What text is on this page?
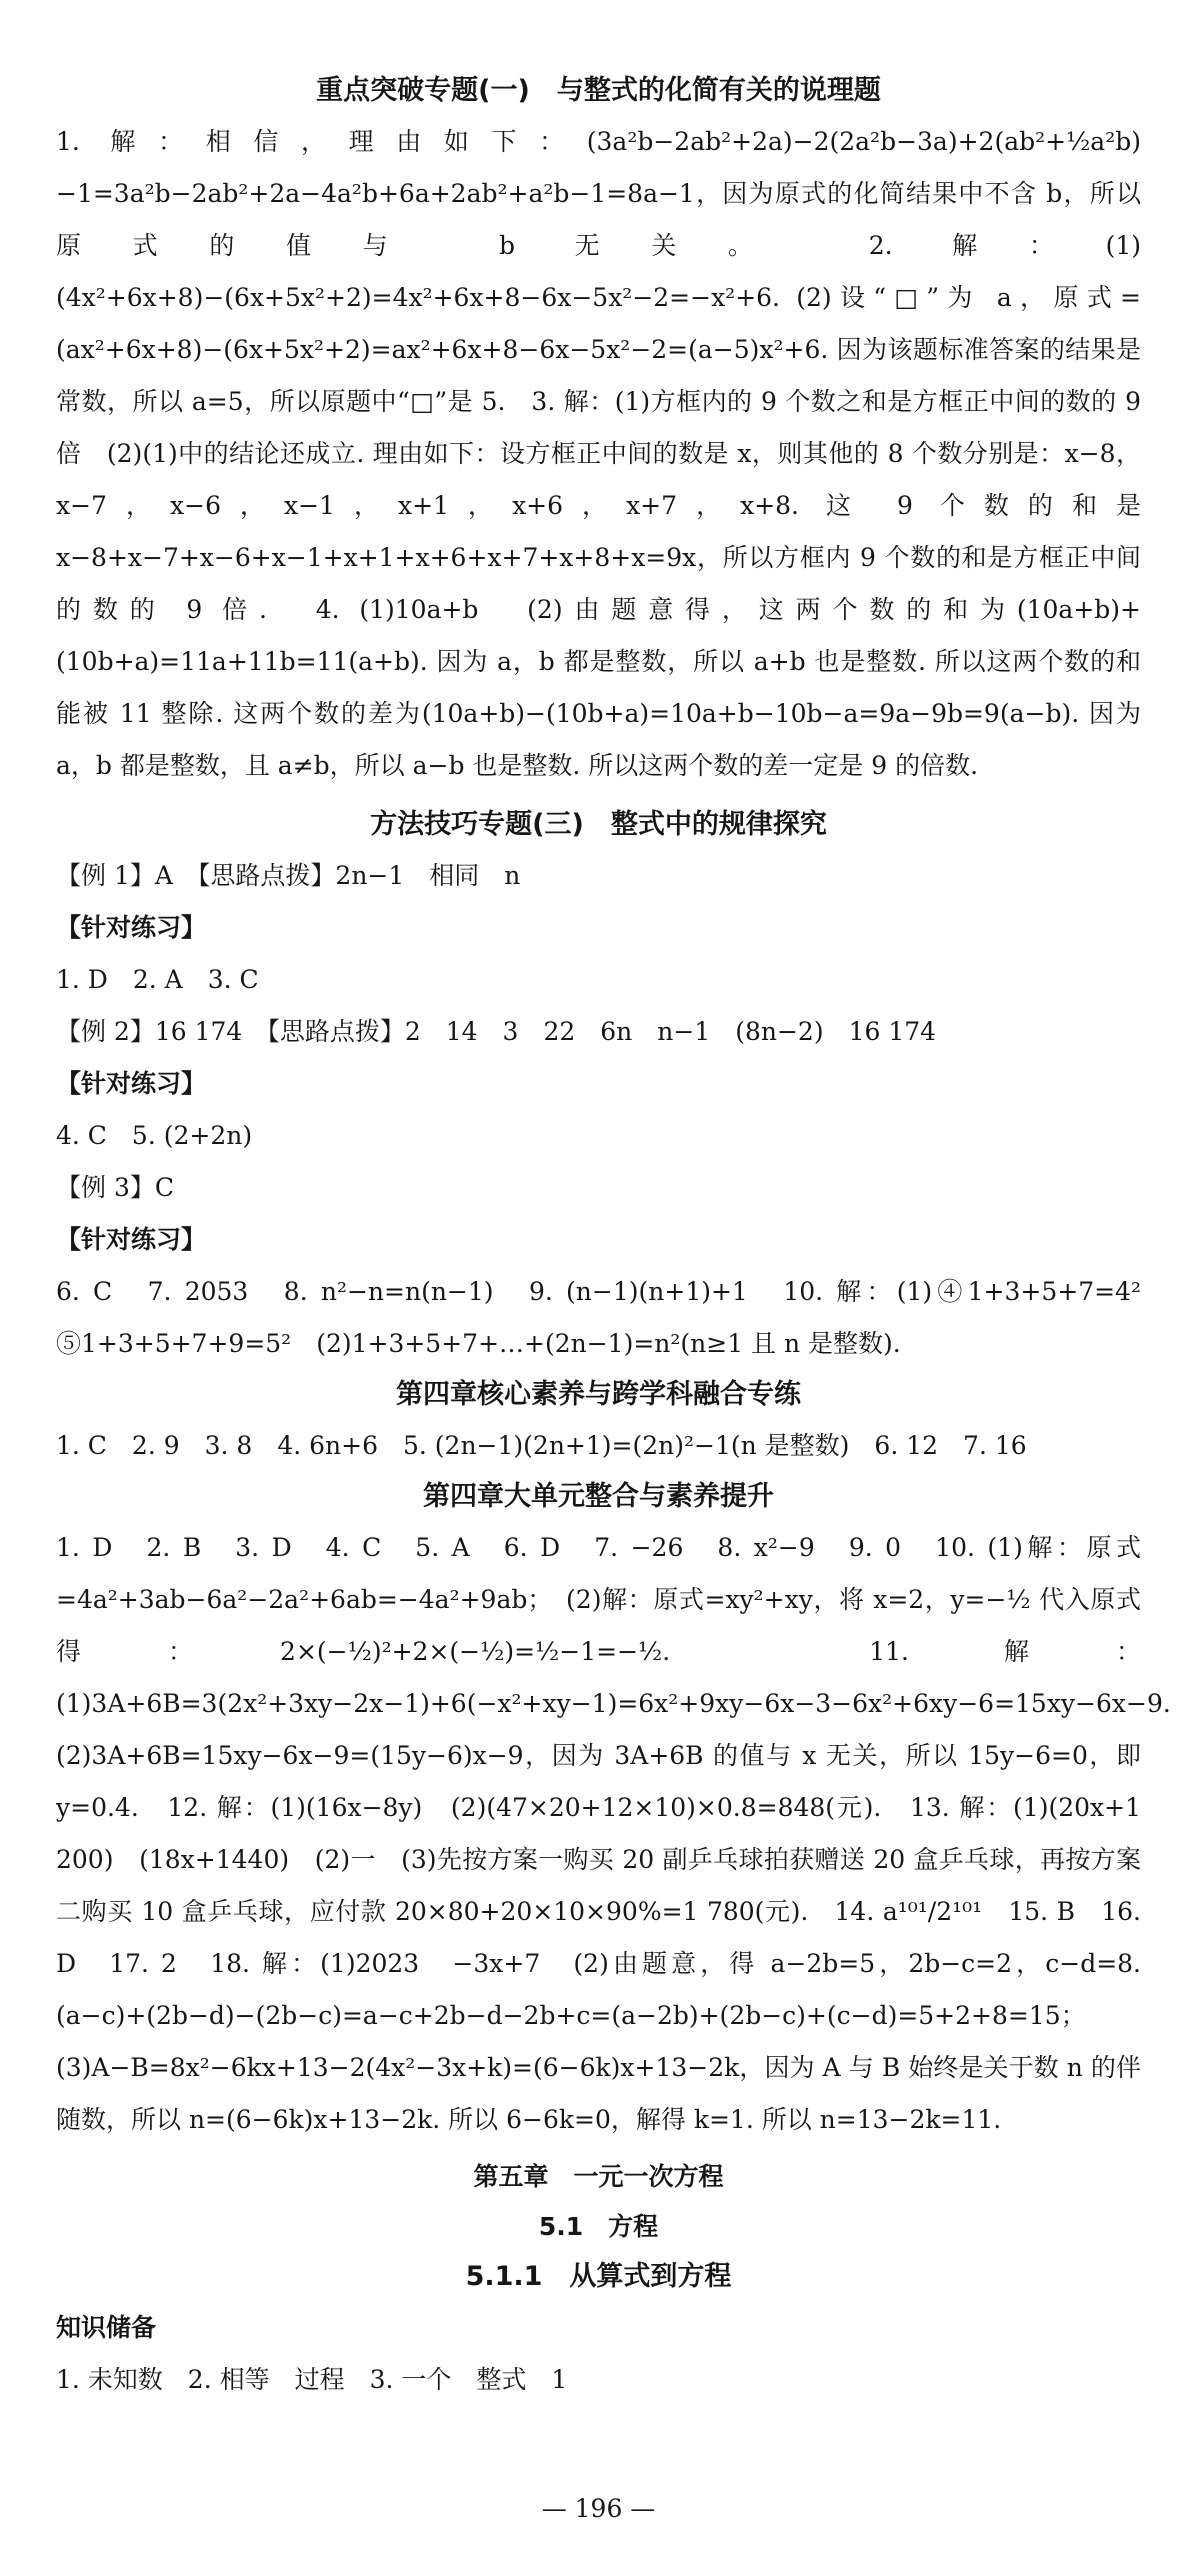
重点突破专题(一)　与整式的化简有关的说理题

1. 解：相信，理由如下：(3a²b−2ab²+2a)−2(2a²b−3a)+2(ab²+½a²b)−1=3a²b−2ab²+2a−4a²b+6a+2ab²+a²b−1=8a−1，因为原式的化简结果中不含 b，所以原式的值与 b 无关。　2. 解：(1)(4x²+6x+8)−(6x+5x²+2)=4x²+6x+8−6x−5x²−2=−x²+6. (2)设“□”为 a，原式=(ax²+6x+8)−(6x+5x²+2)=ax²+6x+8−6x−5x²−2=(a−5)x²+6. 因为该题标准答案的结果是常数，所以 a=5，所以原题中“□”是 5.　3. 解：(1)方框内的 9 个数之和是方框正中间的数的 9 倍　(2)(1)中的结论还成立. 理由如下：设方框正中间的数是 x，则其他的 8 个数分别是：x−8，x−7，x−6，x−1，x+1，x+6，x+7，x+8. 这 9 个数的和是 x−8+x−7+x−6+x−1+x+1+x+6+x+7+x+8+x=9x，所以方框内 9 个数的和是方框正中间的数的 9 倍.　4. (1)10a+b　(2)由题意得，这两个数的和为(10a+b)+(10b+a)=11a+11b=11(a+b). 因为 a，b 都是整数，所以 a+b 也是整数. 所以这两个数的和能被 11 整除. 这两个数的差为(10a+b)−(10b+a)=10a+b−10b−a=9a−9b=9(a−b). 因为 a，b 都是整数，且 a≠b，所以 a−b 也是整数. 所以这两个数的差一定是 9 的倍数.

方法技巧专题(三)　整式中的规律探究

【例 1】A　【思路点拨】2n−1　相同　n

【针对练习】

1. D　2. A　3. C

【例 2】16 174　【思路点拨】2　14　3　22　6n　n−1　(8n−2)　16 174

【针对练习】

4. C　5. (2+2n)

【例 3】C

【针对练习】

6. C　7. 2053　8. n²−n=n(n−1)　9. (n−1)(n+1)+1　10. 解：(1)④1+3+5+7=4²　⑤1+3+5+7+9=5²　(2)1+3+5+7+…+(2n−1)=n²(n≥1 且 n 是整数).

第四章核心素养与跨学科融合专练

1. C　2. 9　3. 8　4. 6n+6　5. (2n−1)(2n+1)=(2n)²−1(n 是整数)　6. 12　7. 16

第四章大单元整合与素养提升

1. D　2. B　3. D　4. C　5. A　6. D　7. −26　8. x²−9　9. 0　10. (1)解：原式=4a²+3ab−6a²−2a²+6ab=−4a²+9ab；　(2)解：原式=xy²+xy，将 x=2，y=−½ 代入原式得：2×(−½)²+2×(−½)=½−1=−½.　11. 解：(1)3A+6B=3(2x²+3xy−2x−1)+6(−x²+xy−1)=6x²+9xy−6x−3−6x²+6xy−6=15xy−6x−9. (2)3A+6B=15xy−6x−9=(15y−6)x−9，因为 3A+6B 的值与 x 无关，所以 15y−6=0，即 y=0.4.　12. 解：(1)(16x−8y)　(2)(47×20+12×10)×0.8=848(元).　13. 解：(1)(20x+1 200)　(18x+1440)　(2)一　(3)先按方案一购买 20 副乒乓球拍获赠送 20 盒乒乓球，再按方案二购买 10 盒乒乓球，应付款 20×80+20×10×90%=1 780(元).　14. a¹⁰¹/2¹⁰¹　15. B　16. D　17. 2　18. 解：(1)2023　−3x+7　(2)由题意，得 a−2b=5，2b−c=2，c−d=8. (a−c)+(2b−d)−(2b−c)=a−c+2b−d−2b+c=(a−2b)+(2b−c)+(c−d)=5+2+8=15；　(3)A−B=8x²−6kx+13−2(4x²−3x+k)=(6−6k)x+13−2k，因为 A 与 B 始终是关于数 n 的伴随数，所以 n=(6−6k)x+13−2k. 所以 6−6k=0，解得 k=1. 所以 n=13−2k=11.

第五章　一元一次方程
5.1　方程
5.1.1　从算式到方程

知识储备

1. 未知数　2. 相等　过程　3. 一个　整式　1

— 196 —
